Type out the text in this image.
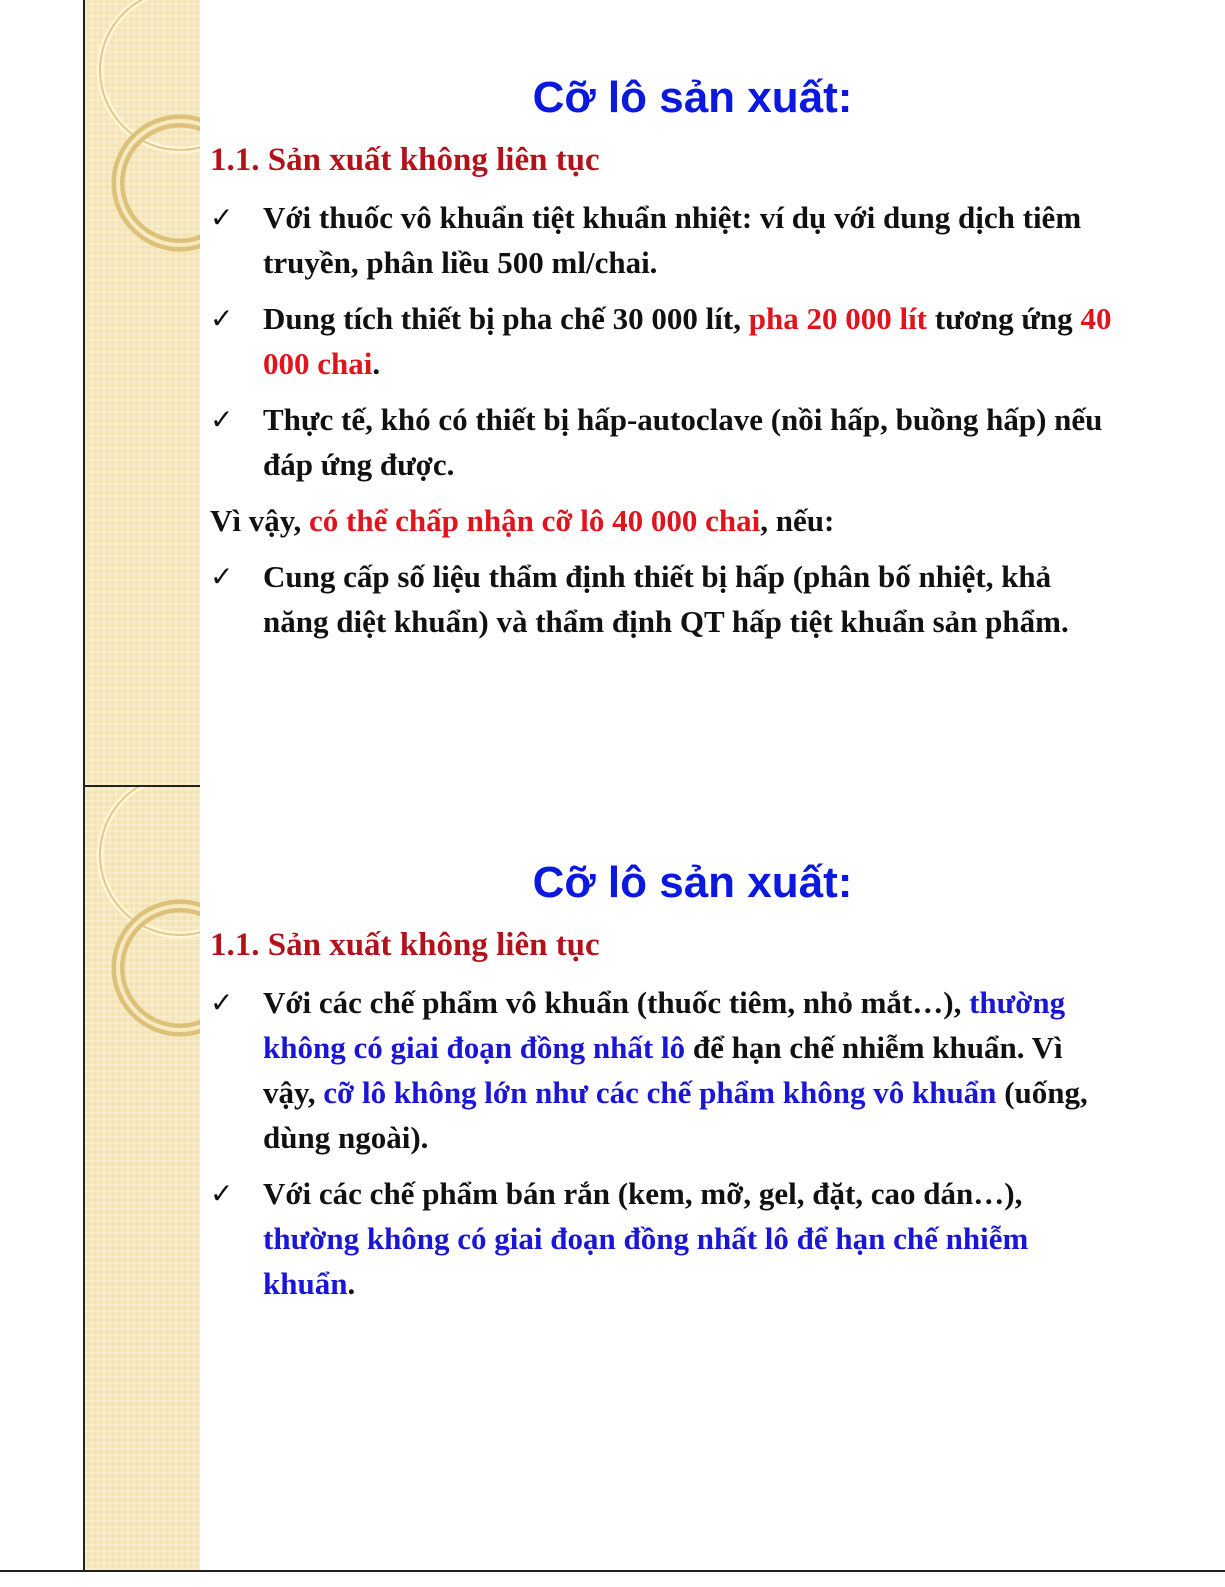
Cỡ lô sản xuất:
1.1. Sản xuất không liên tục
✓ Với thuốc vô khuẩn tiệt khuẩn nhiệt: ví dụ với dung dịch tiêm truyền, phân liều 500 ml/chai.
✓ Dung tích thiết bị pha chế 30 000 lít, pha 20 000 lít tương ứng 40 000 chai.
✓ Thực tế, khó có thiết bị hấp-autoclave (nồi hấp, buồng hấp) nếu đáp ứng được.

Vì vậy, có thể chấp nhận cỡ lô 40 000 chai, nếu:

✓ Cung cấp số liệu thẩm định thiết bị hấp (phân bố nhiệt, khả năng diệt khuẩn) và thẩm định QT hấp tiệt khuẩn sản phẩm.
Cỡ lô sản xuất:
1.1. Sản xuất không liên tục
✓ Với các chế phẩm vô khuẩn (thuốc tiêm, nhỏ mắt…), thường không có giai đoạn đồng nhất lô để hạn chế nhiễm khuẩn. Vì vậy, cỡ lô không lớn như các chế phẩm không vô khuẩn (uống, dùng ngoài).
✓ Với các chế phẩm bán rắn (kem, mỡ, gel, đặt, cao dán…), thường không có giai đoạn đồng nhất lô để hạn chế nhiễm khuẩn.
